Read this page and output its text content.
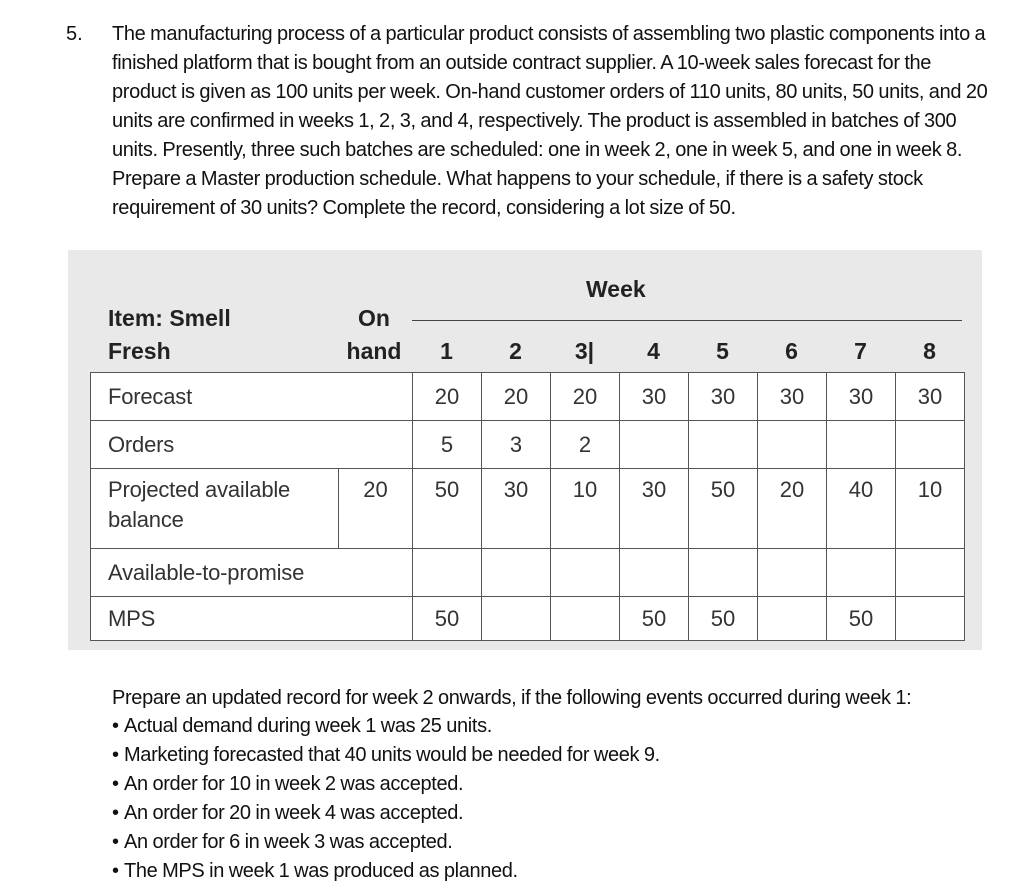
5. The manufacturing process of a particular product consists of assembling two plastic components into a finished platform that is bought from an outside contract supplier. A 10-week sales forecast for the product is given as 100 units per week. On-hand customer orders of 110 units, 80 units, 50 units, and 20 units are confirmed in weeks 1, 2, 3, and 4, respectively. The product is assembled in batches of 300 units. Presently, three such batches are scheduled: one in week 2, one in week 5, and one in week 8. Prepare a Master production schedule. What happens to your schedule, if there is a safety stock requirement of 30 units? Complete the record, considering a lot size of 50.
Week
Item: Smell
Fresh
On
hand	1	2	3|	4	5	6	7	8
Forecast		20	20	20	30	30	30	30	30
Orders		5	3	2					
Projected available balance	20	50	30	10	30	50	20	40	10
Available-to-promise									
MPS		50			50	50		50	
Prepare an updated record for week 2 onwards, if the following events occurred during week 1:
• Actual demand during week 1 was 25 units.
• Marketing forecasted that 40 units would be needed for week 9.
• An order for 10 in week 2 was accepted.
• An order for 20 in week 4 was accepted.
• An order for 6 in week 3 was accepted.
• The MPS in week 1 was produced as planned.
